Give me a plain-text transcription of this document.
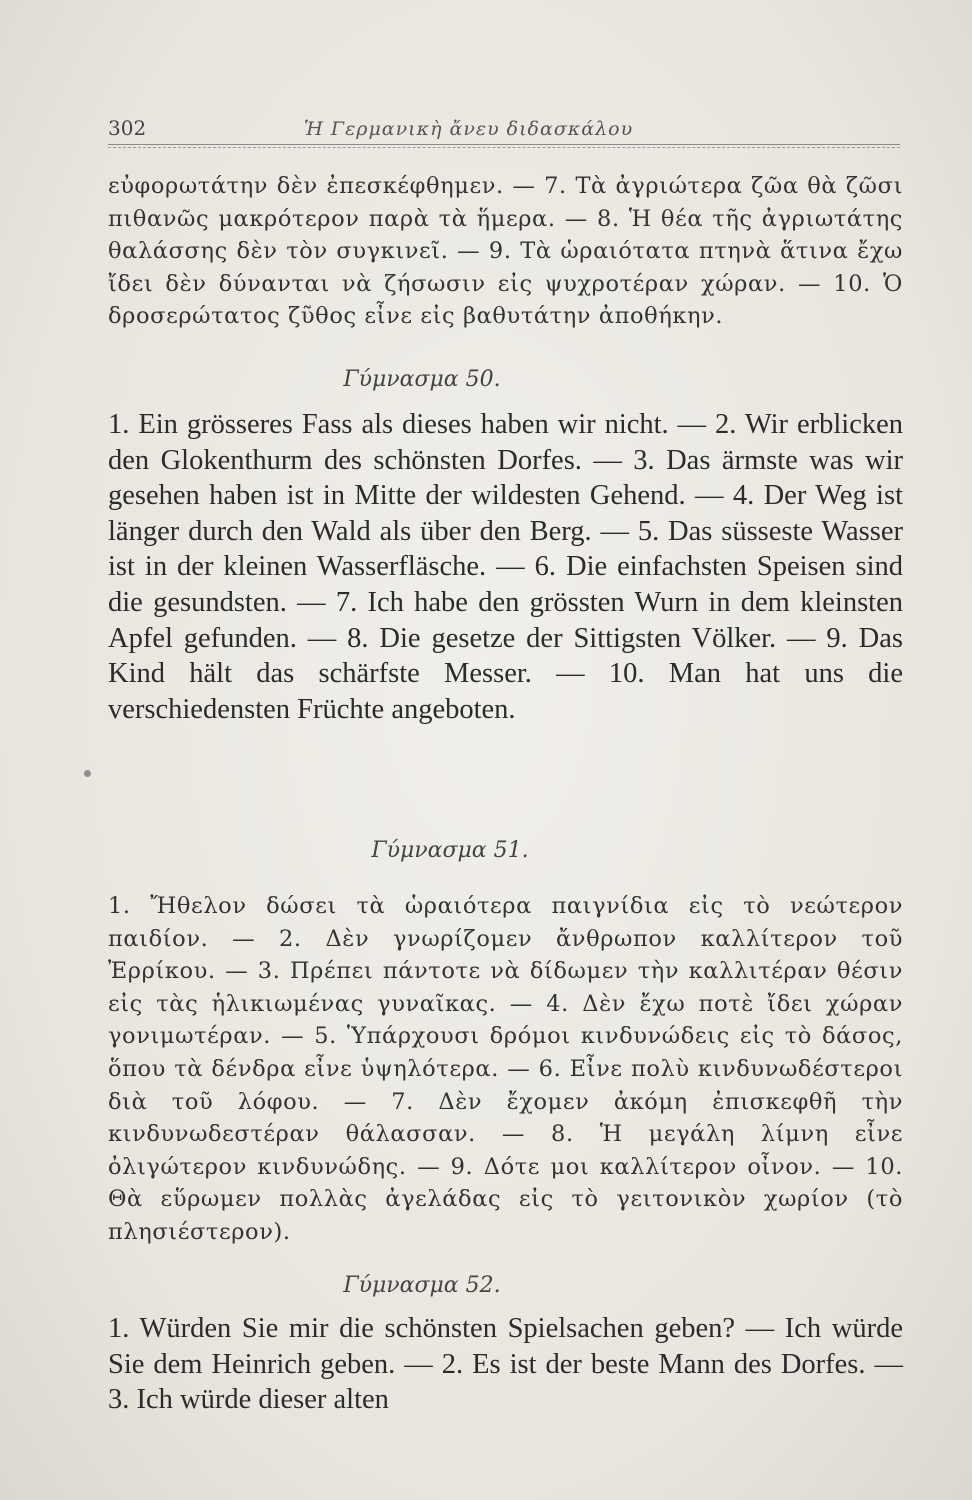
302	Ἡ Γερμανικὴ ἄνευ διδασκάλου
εὐφορωτάτην δὲν ἐπεσκέφθημεν. — 7. Τὰ ἀγριώτερα ζῶα θὰ ζῶσι πιθανῶς μακρότερον παρὰ τὰ ἥμερα. — 8. Ἡ θέα τῆς ἀγριωτάτης θαλάσσης δὲν τὸν συγκινεῖ. — 9. Τὰ ὡραιότατα πτηνὰ ἅτινα ἔχω ἴδει δὲν δύνανται νὰ ζήσωσιν εἰς ψυχροτέραν χώραν. — 10. Ὁ δροσερώτατος ζῦθος εἶνε εἰς βαθυτάτην ἀποθήκην.
Γύμνασμα 50.
1. Ein grösseres Fass als dieses haben wir nicht. — 2. Wir erblicken den Glokenthurm des schönsten Dorfes. — 3. Das ärmste was wir gesehen haben ist in Mitte der wildesten Gehend. — 4. Der Weg ist länger durch den Wald als über den Berg. — 5. Das süsseste Wasser ist in der kleinen Wasserfläsche. — 6. Die einfachsten Speisen sind die gesundsten. — 7. Ich habe den grössten Wurn in dem kleinsten Apfel gefunden. — 8. Die gesetze der Sittigsten Völker. — 9. Das Kind hält das schärfste Messer. — 10. Man hat uns die verschiedensten Früchte angeboten.
Γύμνασμα 51.
1. Ἤθελον δώσει τὰ ὡραιότερα παιγνίδια εἰς τὸ νεώτερον παιδίον. — 2. Δὲν γνωρίζομεν ἄνθρωπον καλλίτερον τοῦ Ἐρρίκου. — 3. Πρέπει πάντοτε νὰ δίδωμεν τὴν καλλιτέραν θέσιν εἰς τὰς ἡλικιωμένας γυναῖκας. — 4. Δὲν ἔχω ποτὲ ἴδει χώραν γονιμωτέραν. — 5. Ὑπάρχουσι δρόμοι κινδυνώδεις εἰς τὸ δάσος, ὅπου τὰ δένδρα εἶνε ὑψηλότερα. — 6. Εἶνε πολὺ κινδυνωδέστεροι διὰ τοῦ λόφου. — 7. Δὲν ἔχομεν ἀκόμη ἐπισκεφθῆ τὴν κινδυνωδεστέραν θάλασσαν. — 8. Ἡ μεγάλη λίμνη εἶνε ὀλιγώτερον κινδυνώδης. — 9. Δότε μοι καλλίτερον οἶνον. — 10. Θὰ εὕρωμεν πολλὰς ἀγελάδας εἰς τὸ γειτονικὸν χωρίον (τὸ πλησιέστερον).
Γύμνασμα 52.
1. Würden Sie mir die schönsten Spielsachen geben? — Ich würde Sie dem Heinrich geben. — 2. Es ist der beste Mann des Dorfes. — 3. Ich würde dieser alten
